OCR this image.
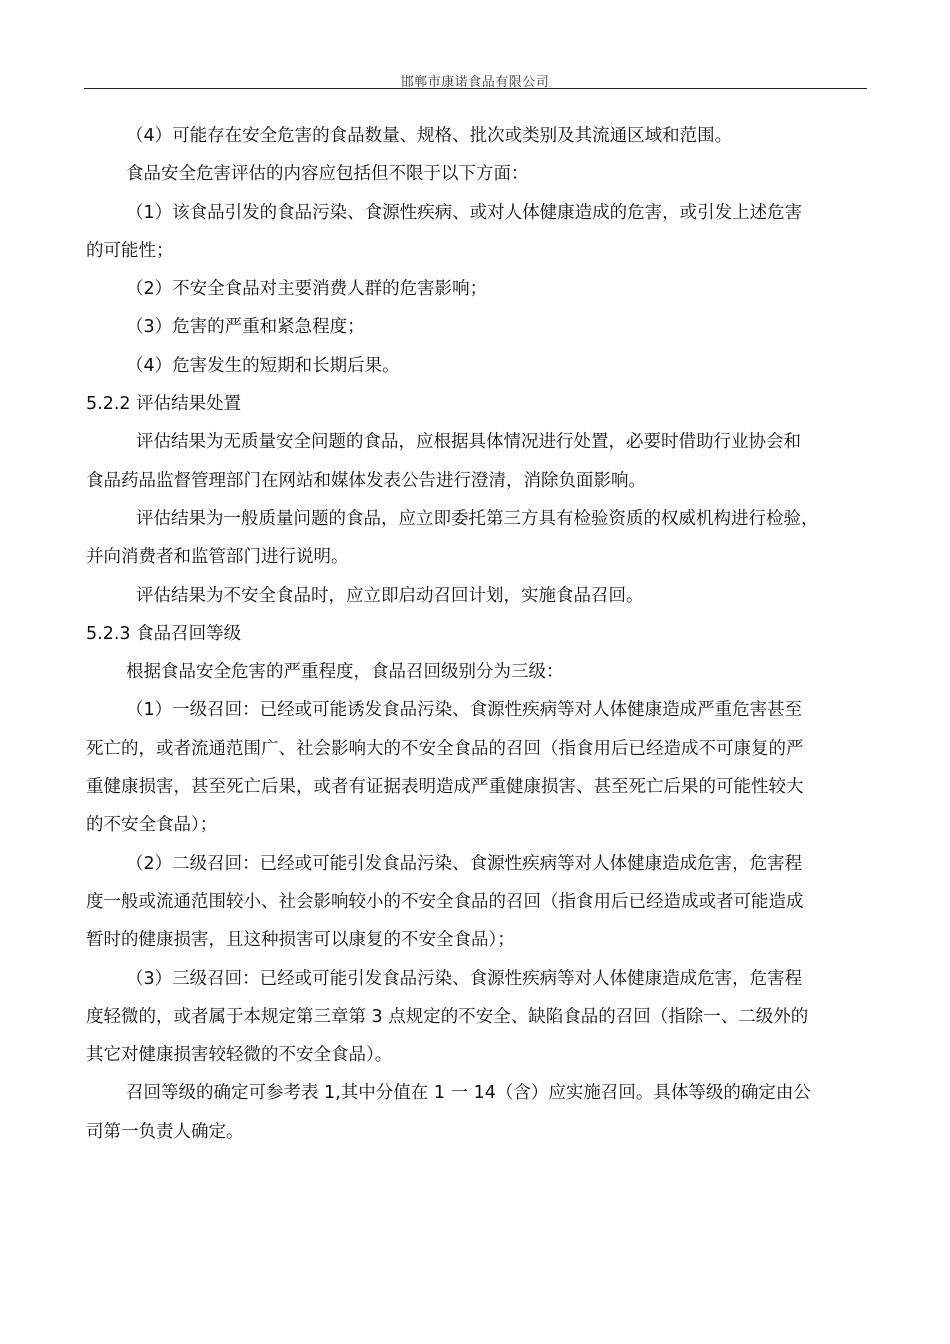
邯郸市康诺食品有限公司
（4）可能存在安全危害的食品数量、规格、批次或类别及其流通区域和范围。
食品安全危害评估的内容应包括但不限于以下方面：
（1）该食品引发的食品污染、食源性疾病、或对人体健康造成的危害，或引发上述危害
的可能性；
（2）不安全食品对主要消费人群的危害影响；
（3）危害的严重和紧急程度；
（4）危害发生的短期和长期后果。
5.2.2 评估结果处置
评估结果为无质量安全问题的食品，应根据具体情况进行处置，必要时借助行业协会和
食品药品监督管理部门在网站和媒体发表公告进行澄清，消除负面影响。
评估结果为一般质量问题的食品，应立即委托第三方具有检验资质的权威机构进行检验，
并向消费者和监管部门进行说明。
评估结果为不安全食品时，应立即启动召回计划，实施食品召回。
5.2.3 食品召回等级
根据食品安全危害的严重程度，食品召回级别分为三级：
（1）一级召回：已经或可能诱发食品污染、食源性疾病等对人体健康造成严重危害甚至
死亡的，或者流通范围广、社会影响大的不安全食品的召回（指食用后已经造成不可康复的严
重健康损害，甚至死亡后果，或者有证据表明造成严重健康损害、甚至死亡后果的可能性较大
的不安全食品）；
（2）二级召回：已经或可能引发食品污染、食源性疾病等对人体健康造成危害，危害程
度一般或流通范围较小、社会影响较小的不安全食品的召回（指食用后已经造成或者可能造成
暂时的健康损害，且这种损害可以康复的不安全食品）；
（3）三级召回：已经或可能引发食品污染、食源性疾病等对人体健康造成危害，危害程
度轻微的，或者属于本规定第三章第 3 点规定的不安全、缺陷食品的召回（指除一、二级外的
其它对健康损害较轻微的不安全食品）。
召回等级的确定可参考表 1,其中分值在 1 一 14（含）应实施召回。具体等级的确定由公
司第一负责人确定。
